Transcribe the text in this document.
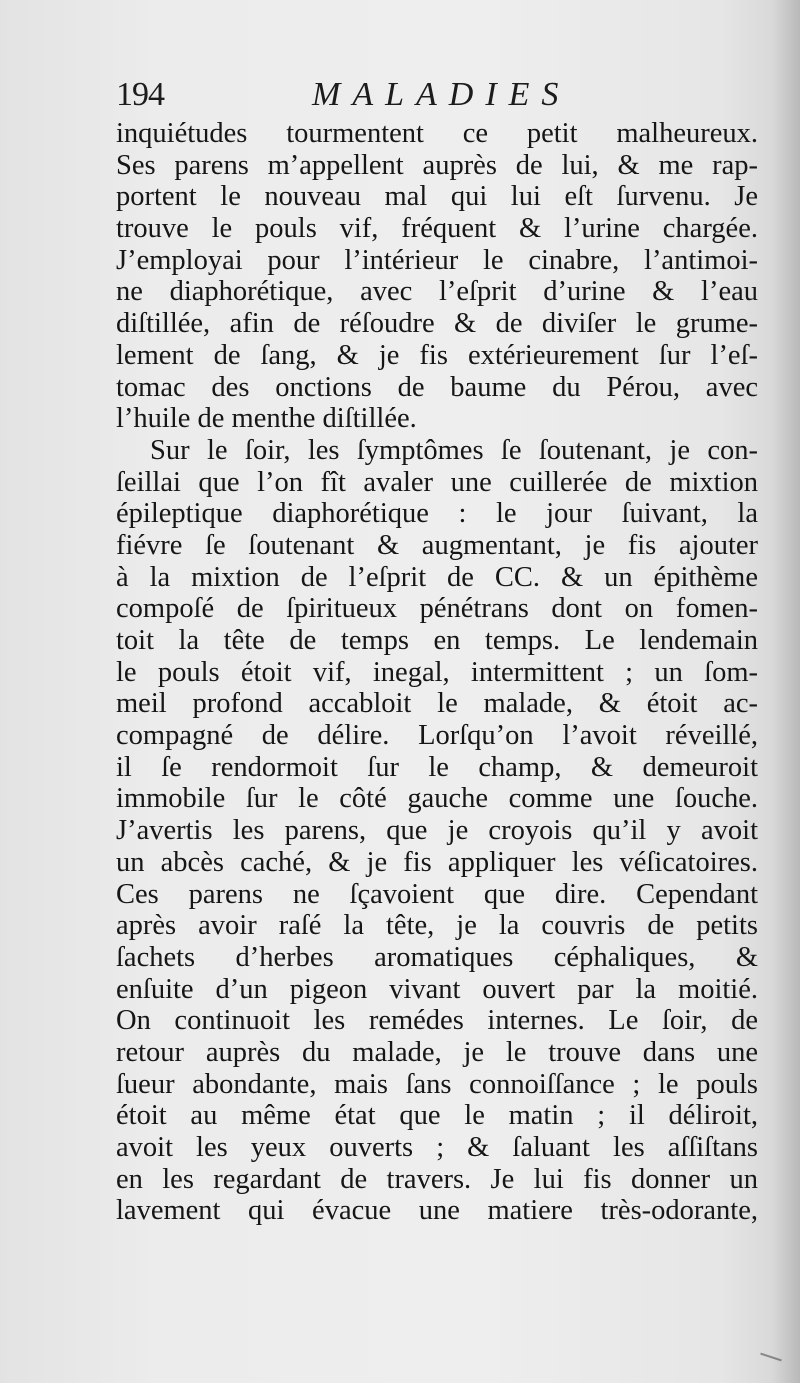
194	MALADIES
inquiétudes tourmentent ce petit malheureux.
Ses parens m’appellent auprès de lui, & me rap-
portent le nouveau mal qui lui eſt ſurvenu. Je
trouve le pouls vif, fréquent & l’urine chargée.
J’employai pour l’intérieur le cinabre, l’antimoi-
ne diaphorétique, avec l’eſprit d’urine & l’eau
diſtillée, afin de réſoudre & de diviſer le grume-
lement de ſang, & je fis extérieurement ſur l’eſ-
tomac des onctions de baume du Pérou, avec
l’huile de menthe diſtillée.
Sur le ſoir, les ſymptômes ſe ſoutenant, je con-
ſeillai que l’on fît avaler une cuillerée de mixtion
épileptique diaphorétique : le jour ſuivant, la
fiévre ſe ſoutenant & augmentant, je fis ajouter
à la mixtion de l’eſprit de CC. & un épithème
compoſé de ſpiritueux pénétrans dont on fomen-
toit la tête de temps en temps. Le lendemain
le pouls étoit vif, inegal, intermittent ; un ſom-
meil profond accabloit le malade, & étoit ac-
compagné de délire. Lorſqu’on l’avoit réveillé,
il ſe rendormoit ſur le champ, & demeuroit
immobile ſur le côté gauche comme une ſouche.
J’avertis les parens, que je croyois qu’il y avoit
un abcès caché, & je fis appliquer les véſicatoires.
Ces parens ne ſçavoient que dire. Cependant
après avoir raſé la tête, je la couvris de petits
ſachets d’herbes aromatiques céphaliques, &
enſuite d’un pigeon vivant ouvert par la moitié.
On continuoit les remédes internes. Le ſoir, de
retour auprès du malade, je le trouve dans une
ſueur abondante, mais ſans connoiſſance ; le pouls
étoit au même état que le matin ; il déliroit,
avoit les yeux ouverts ; & ſaluant les aſſiſtans
en les regardant de travers. Je lui fis donner un
lavement qui évacue une matiere très-odorante,
